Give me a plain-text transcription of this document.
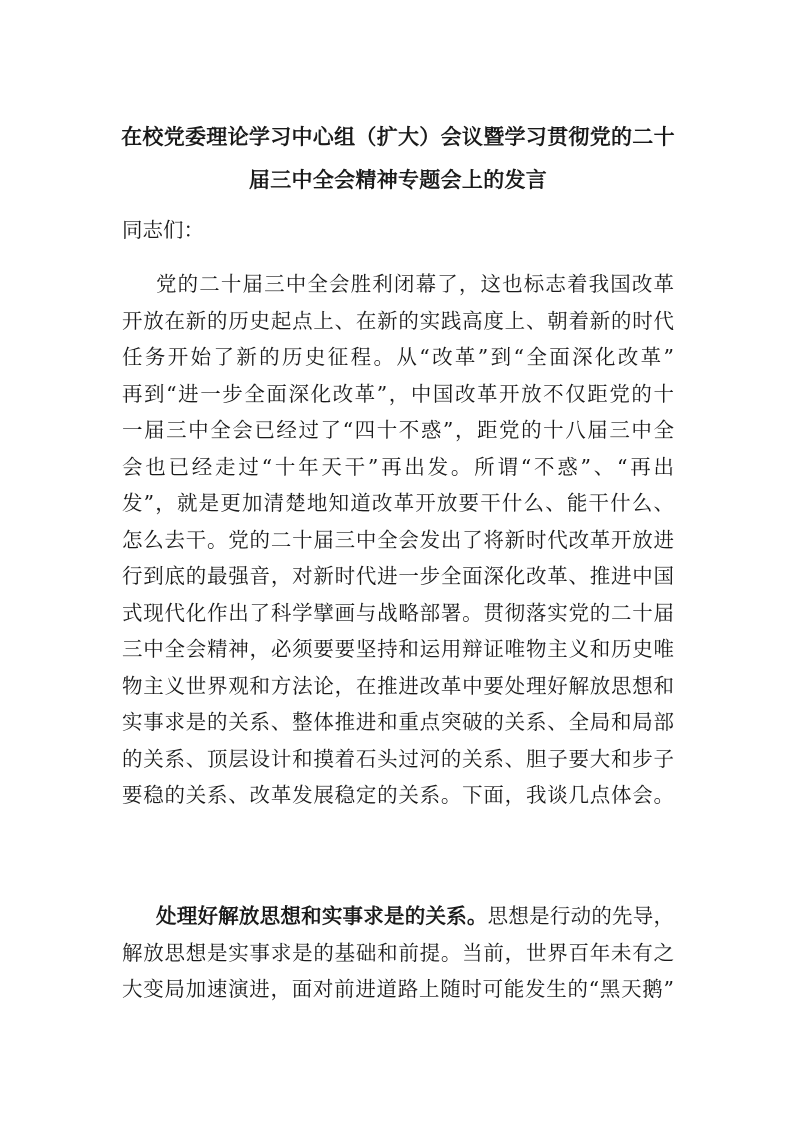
在校党委理论学习中心组（扩大）会议暨学习贯彻党的二十
届三中全会精神专题会上的发言

同志们：

党的二十届三中全会胜利闭幕了，这也标志着我国改革
开放在新的历史起点上、在新的实践高度上、朝着新的时代
任务开始了新的历史征程。从“改革”到“全面深化改革”
再到“进一步全面深化改革”，中国改革开放不仅距党的十
一届三中全会已经过了“四十不惑”，距党的十八届三中全
会也已经走过“十年天干”再出发。所谓“不惑”、“再出
发”，就是更加清楚地知道改革开放要干什么、能干什么、
怎么去干。党的二十届三中全会发出了将新时代改革开放进
行到底的最强音，对新时代进一步全面深化改革、推进中国
式现代化作出了科学擘画与战略部署。贯彻落实党的二十届
三中全会精神，必须要要坚持和运用辩证唯物主义和历史唯
物主义世界观和方法论，在推进改革中要处理好解放思想和
实事求是的关系、整体推进和重点突破的关系、全局和局部
的关系、顶层设计和摸着石头过河的关系、胆子要大和步子
要稳的关系、改革发展稳定的关系。下面，我谈几点体会。

处理好解放思想和实事求是的关系。思想是行动的先导，
解放思想是实事求是的基础和前提。当前，世界百年未有之
大变局加速演进，面对前进道路上随时可能发生的“黑天鹅”
